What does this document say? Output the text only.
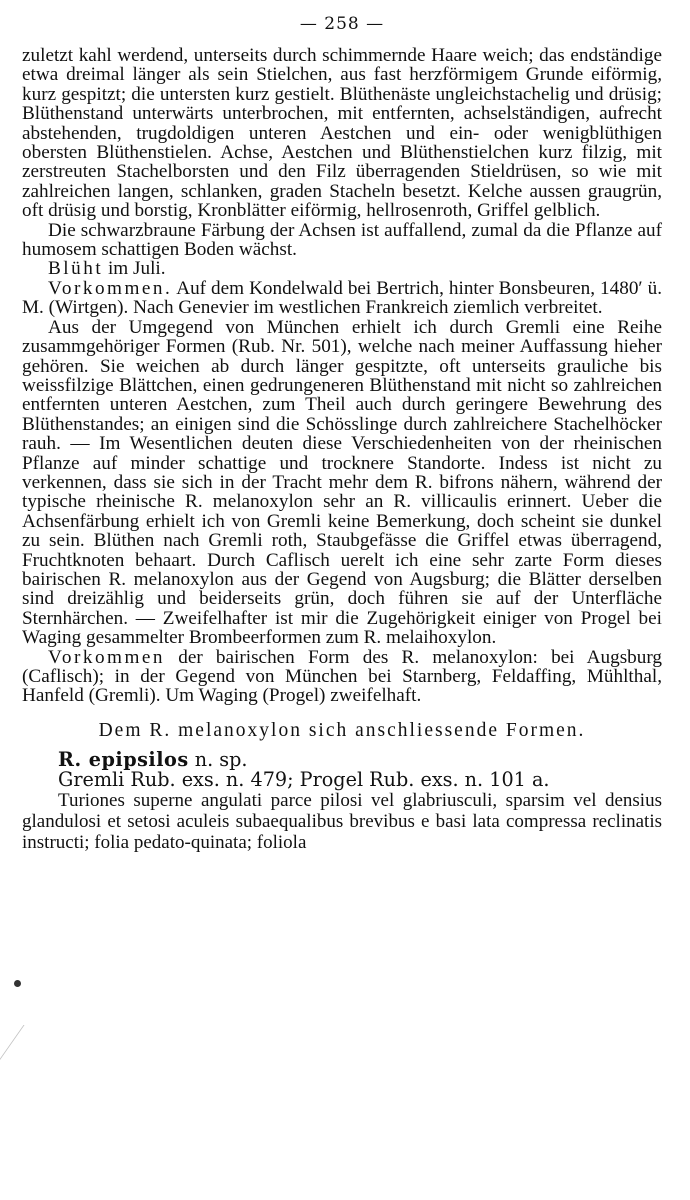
— 258 —

zuletzt kahl werdend, unterseits durch schimmernde Haare weich; das endständige etwa dreimal länger als sein Stielchen, aus fast herzförmigem Grunde eiförmig, kurz gespitzt; die untersten kurz gestielt. Blüthenäste ungleichstachelig und drüsig; Blüthenstand unterwärts unterbrochen, mit entfernten, achselständigen, aufrecht abstehenden, trugdoldigen unteren Aestchen und ein- oder wenigblüthigen obersten Blüthenstielen. Achse, Aestchen und Blüthenstielchen kurz filzig, mit zerstreuten Stachelborsten und den Filz überragenden Stieldrüsen, so wie mit zahlreichen langen, schlanken, graden Stacheln besetzt. Kelche aussen graugrün, oft drüsig und borstig, Kronblätter eiförmig, hellrosenroth, Griffel gelblich.

Die schwarzbraune Färbung der Achsen ist auffallend, zumal da die Pflanze auf humosem schattigen Boden wächst.

Blüht im Juli.

Vorkommen. Auf dem Kondelwald bei Bertrich, hinter Bonsbeuren, 1480′ ü. M. (Wirtgen). Nach Genevier im westlichen Frankreich ziemlich verbreitet.

Aus der Umgegend von München erhielt ich durch Gremli eine Reihe zusammgehöriger Formen (Rub. Nr. 501), welche nach meiner Auffassung hieher gehören. Sie weichen ab durch länger gespitzte, oft unterseits grauliche bis weissfilzige Blättchen, einen gedrungeneren Blüthenstand mit nicht so zahlreichen entfernten unteren Aestchen, zum Theil auch durch geringere Bewehrung des Blüthenstandes; an einigen sind die Schösslinge durch zahlreichere Stachelhöcker rauh. — Im Wesentlichen deuten diese Verschiedenheiten von der rheinischen Pflanze auf minder schattige und trocknere Standorte. Indess ist nicht zu verkennen, dass sie sich in der Tracht mehr dem R. bifrons nähern, während der typische rheinische R. melanoxylon sehr an R. villicaulis erinnert. Ueber die Achsenfärbung erhielt ich von Gremli keine Bemerkung, doch scheint sie dunkel zu sein. Blüthen nach Gremli roth, Staubgefässe die Griffel etwas überragend, Fruchtknoten behaart. Durch Caflisch uerelt ich eine sehr zarte Form dieses bairischen R. melanoxylon aus der Gegend von Augsburg; die Blätter derselben sind dreizählig und beiderseits grün, doch führen sie auf der Unterfläche Sternhärchen. — Zweifelhafter ist mir die Zugehörigkeit einiger von Progel bei Waging gesammelter Brombeerformen zum R. melaihoxylon.

Vorkommen der bairischen Form des R. melanoxylon: bei Augsburg (Caflisch); in der Gegend von München bei Starnberg, Feldaffing, Mühlthal, Hanfeld (Gremli). Um Waging (Progel) zweifelhaft.

Dem R. melanoxylon sich anschliessende Formen.
R. epipsilos n. sp.
Gremli Rub. exs. n. 479; Progel Rub. exs. n. 101 a.

Turiones superne angulati parce pilosi vel glabriusculi, sparsim vel densius glandulosi et setosi aculeis subaequalibus brevibus e basi lata compressa reclinatis instructi; folia pedato-quinata; foliola
